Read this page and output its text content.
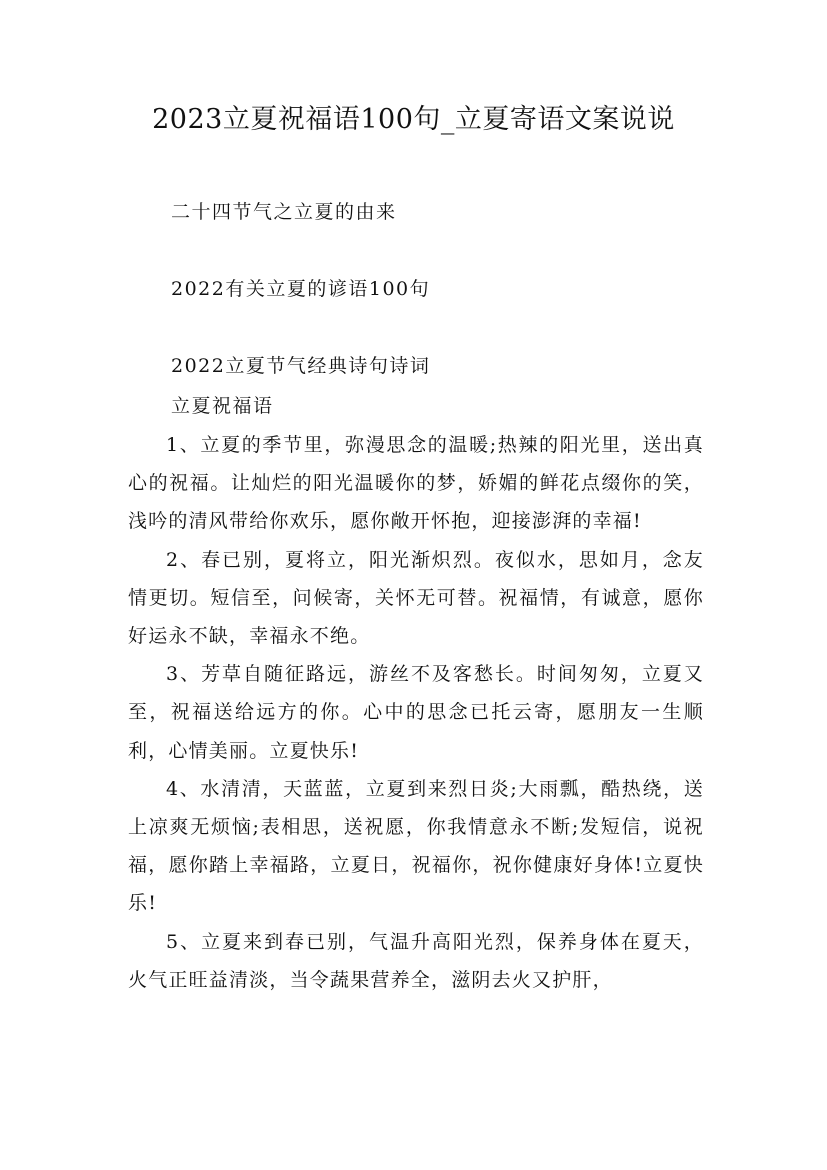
2023立夏祝福语100句_立夏寄语文案说说

二十四节气之立夏的由来

2022有关立夏的谚语100句

2022立夏节气经典诗句诗词

立夏祝福语

1、立夏的季节里，弥漫思念的温暖;热辣的阳光里，送出真心的祝福。让灿烂的阳光温暖你的梦，娇媚的鲜花点缀你的笑，浅吟的清风带给你欢乐，愿你敞开怀抱，迎接澎湃的幸福!

2、春已别，夏将立，阳光渐炽烈。夜似水，思如月，念友情更切。短信至，问候寄，关怀无可替。祝福情，有诚意，愿你好运永不缺，幸福永不绝。

3、芳草自随征路远，游丝不及客愁长。时间匆匆，立夏又至，祝福送给远方的你。心中的思念已托云寄，愿朋友一生顺利，心情美丽。立夏快乐!

4、水清清，天蓝蓝，立夏到来烈日炎;大雨瓢，酷热绕，送上凉爽无烦恼;表相思，送祝愿，你我情意永不断;发短信，说祝福，愿你踏上幸福路，立夏日，祝福你，祝你健康好身体!立夏快乐!

5、立夏来到春已别，气温升高阳光烈，保养身体在夏天，火气正旺益清淡，当令蔬果营养全，滋阴去火又护肝，
